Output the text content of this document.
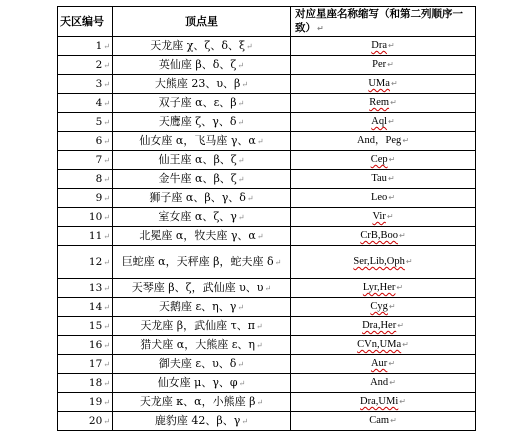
天区编号	顶点星	对应星座名称缩写（和第二列顺序一致）↵
1↵	天龙座 χ、ζ、δ、ξ↵	Dra↵
2↵	英仙座 β、δ、ζ↵	Per↵
3↵	大熊座 23、υ、β↵	UMa↵
4↵	双子座 α、ε、β↵	Rem↵
5↵	天鹰座 ζ、γ、δ↵	Aql↵
6↵	仙女座 α，飞马座 γ、α↵	And，Peg↵
7↵	仙王座 α、β、ζ↵	Cep↵
8↵	金牛座 α、β、ζ↵	Tau↵
9↵	狮子座 α、β、γ、δ↵	Leo↵
10↵	室女座 α、ζ、γ↵	Vir↵
11↵	北冕座 α，牧夫座 γ、α↵	CrB,Boo↵
12↵	巨蛇座 α，天秤座 β，蛇夫座 δ↵	Ser,Lib,Oph↵
13↵	天琴座 β、ζ，武仙座 υ、υ↵	Lyr,Her↵
14↵	天鹅座 ε、η、γ↵	Cyg↵
15↵	天龙座 β，武仙座 τ、π↵	Dra,Her↵
16↵	猎犬座 α，大熊座 ε、η↵	CVn,UMa↵
17↵	御夫座 ε、υ、δ↵	Aur↵
18↵	仙女座 μ、γ、φ↵	And↵
19↵	天龙座 κ、α，小熊座 β↵	Dra,UMi↵
20↵	鹿豹座 42、β、γ↵	Cam↵
